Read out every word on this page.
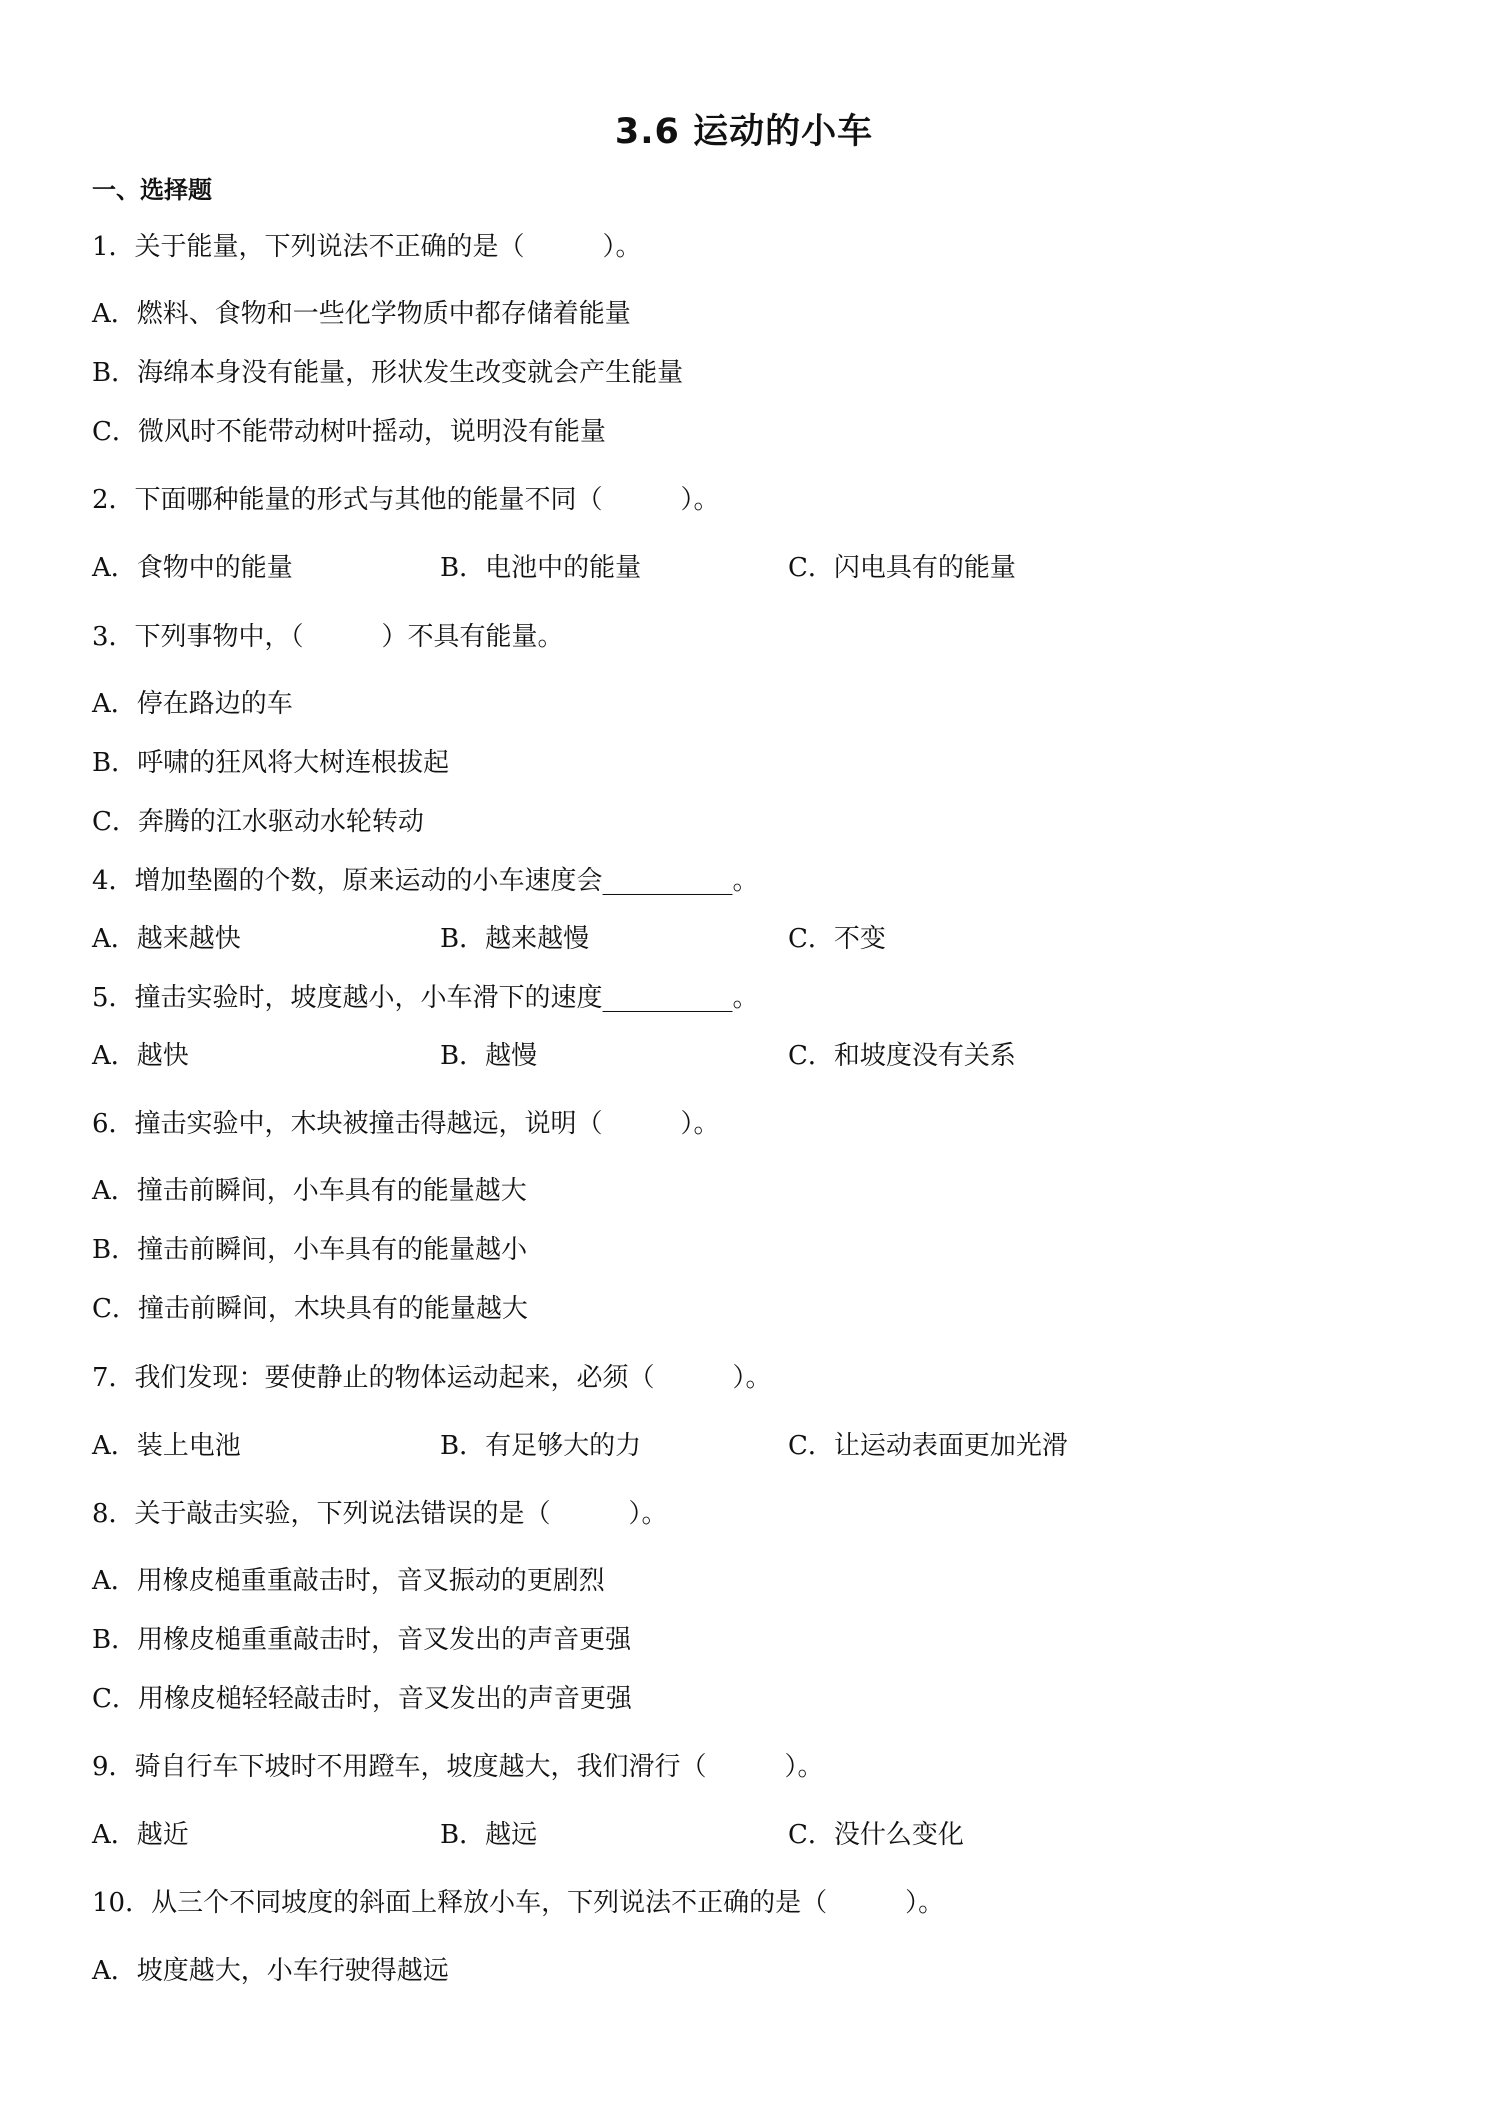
3.6 运动的小车
一、选择题
1．关于能量，下列说法不正确的是（　　　）。
A．燃料、食物和一些化学物质中都存储着能量
B．海绵本身没有能量，形状发生改变就会产生能量
C．微风时不能带动树叶摇动，说明没有能量
2．下面哪种能量的形式与其他的能量不同（　　　）。
A．食物中的能量	B．电池中的能量	C．闪电具有的能量
3．下列事物中，（　　　）不具有能量。
A．停在路边的车
B．呼啸的狂风将大树连根拔起
C．奔腾的江水驱动水轮转动
4．增加垫圈的个数，原来运动的小车速度会__________。
A．越来越快	B．越来越慢	C．不变
5．撞击实验时，坡度越小，小车滑下的速度__________。
A．越快	B．越慢	C．和坡度没有关系
6．撞击实验中，木块被撞击得越远，说明（　　　）。
A．撞击前瞬间，小车具有的能量越大
B．撞击前瞬间，小车具有的能量越小
C．撞击前瞬间，木块具有的能量越大
7．我们发现：要使静止的物体运动起来，必须（　　　）。
A．装上电池	B．有足够大的力	C．让运动表面更加光滑
8．关于敲击实验，下列说法错误的是（　　　）。
A．用橡皮槌重重敲击时，音叉振动的更剧烈
B．用橡皮槌重重敲击时，音叉发出的声音更强
C．用橡皮槌轻轻敲击时，音叉发出的声音更强
9．骑自行车下坡时不用蹬车，坡度越大，我们滑行（　　　）。
A．越近	B．越远	C．没什么变化
10．从三个不同坡度的斜面上释放小车，下列说法不正确的是（　　　）。
A．坡度越大，小车行驶得越远
